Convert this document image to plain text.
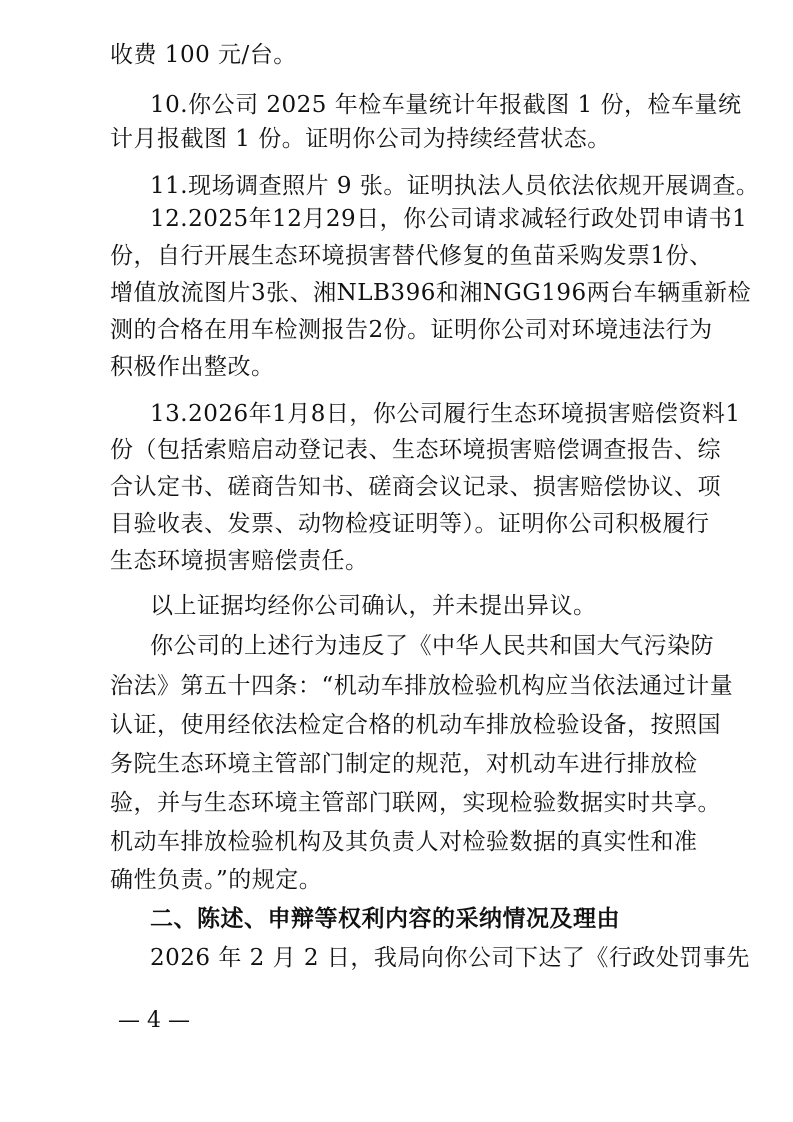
收费 100 元/台。
10.你公司 2025 年检车量统计年报截图 1 份，检车量统
计月报截图 1 份。证明你公司为持续经营状态。
11.现场调查照片 9 张。证明执法人员依法依规开展调查。
12.2025年12月29日，你公司请求减轻行政处罚申请书1
份，自行开展生态环境损害替代修复的鱼苗采购发票1份、
增值放流图片3张、湘NLB396和湘NGG196两台车辆重新检
测的合格在用车检测报告2份。证明你公司对环境违法行为
积极作出整改。
13.2026年1月8日，你公司履行生态环境损害赔偿资料1
份（包括索赔启动登记表、生态环境损害赔偿调查报告、综
合认定书、磋商告知书、磋商会议记录、损害赔偿协议、项
目验收表、发票、动物检疫证明等）。证明你公司积极履行
生态环境损害赔偿责任。
以上证据均经你公司确认，并未提出异议。
你公司的上述行为违反了《中华人民共和国大气污染防
治法》第五十四条：“机动车排放检验机构应当依法通过计量
认证，使用经依法检定合格的机动车排放检验设备，按照国
务院生态环境主管部门制定的规范，对机动车进行排放检
验，并与生态环境主管部门联网，实现检验数据实时共享。
机动车排放检验机构及其负责人对检验数据的真实性和准
确性负责。”的规定。
二、陈述、申辩等权利内容的采纳情况及理由
2026 年 2 月 2 日，我局向你公司下达了《行政处罚事先
— 4 —
